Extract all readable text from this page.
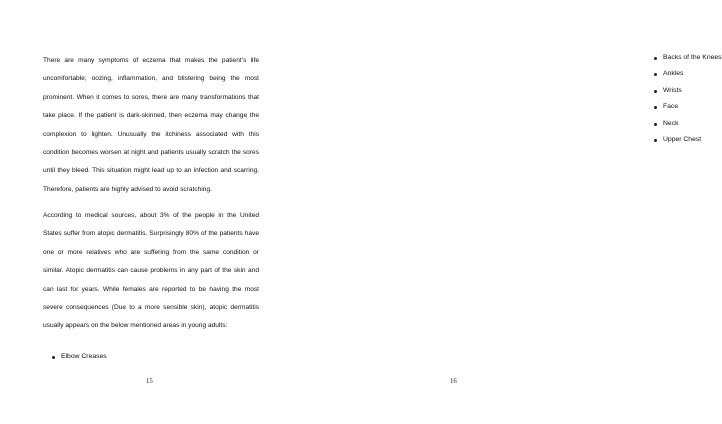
There are many symptoms of eczema that makes the patient’s life uncomfortable; oozing, inflammation, and blistering being the most prominent. When it comes to sores, there are many transformations that take place. If the patient is dark-skinned, then eczema may change the complexion to lighten. Unusually the itchiness associated with this condition becomes worsen at night and patients usually scratch the sores until they bleed. This situation might lead up to an infection and scarring. Therefore, patients are highly advised to avoid scratching.

According to medical sources, about 3% of the people in the United States suffer from atopic dermatitis. Surprisingly 80% of the patients have one or more relatives who are suffering from the same condition or similar. Atopic dermatitis can cause problems in any part of the skin and can last for years. While females are reported to be having the most severe consequences (Due to a more sensible skin), atopic dermatitis usually appears on the below mentioned areas in young adults:

Elbow Creases
15
Backs of the Knees
Ankles
Wrists
Face
Neck
Upper Chest
16
